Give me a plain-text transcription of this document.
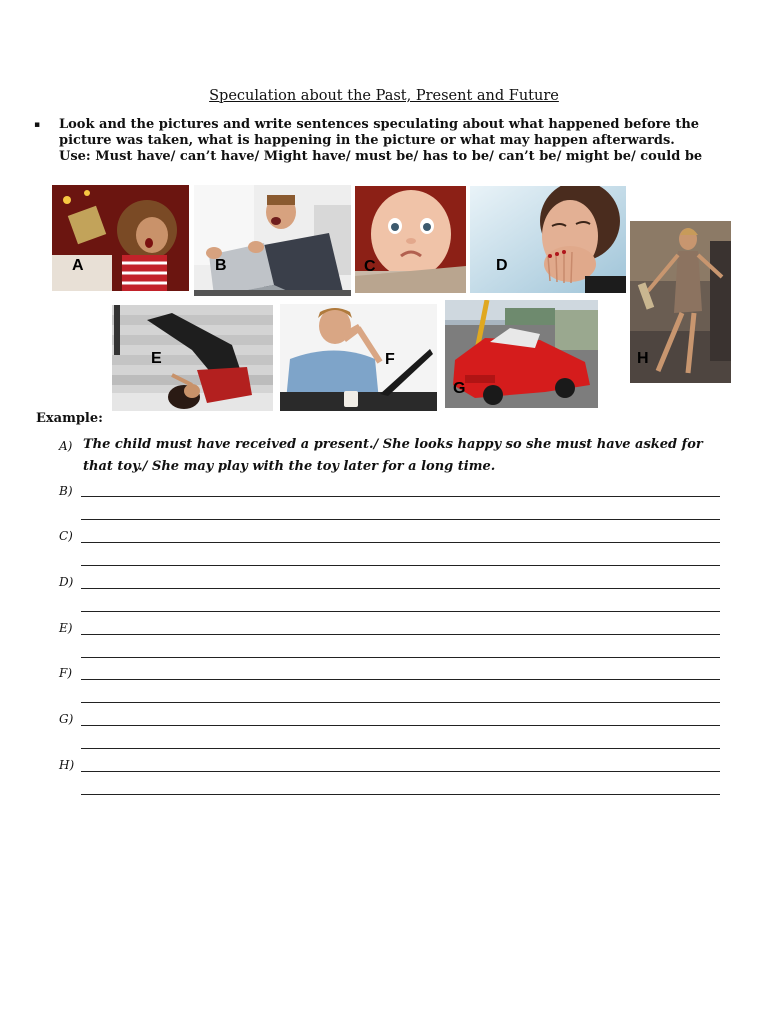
Speculation about the Past, Present and Future
▪ Look and the pictures and write sentences speculating about what happened before the
picture was taken, what is happening in the picture or what may happen afterwards.
Use: Must have/ can’t have/ Might have/ must be/ has to be/ can’t be/ might be/ could be
A	B	C	D
H
E	F
G
Example:
A) The child must have received a present./ She looks happy so she must have asked for
that toy./ She may play with the toy later for a long time.
B)
C)
D)
E)
F)
G)
H)
